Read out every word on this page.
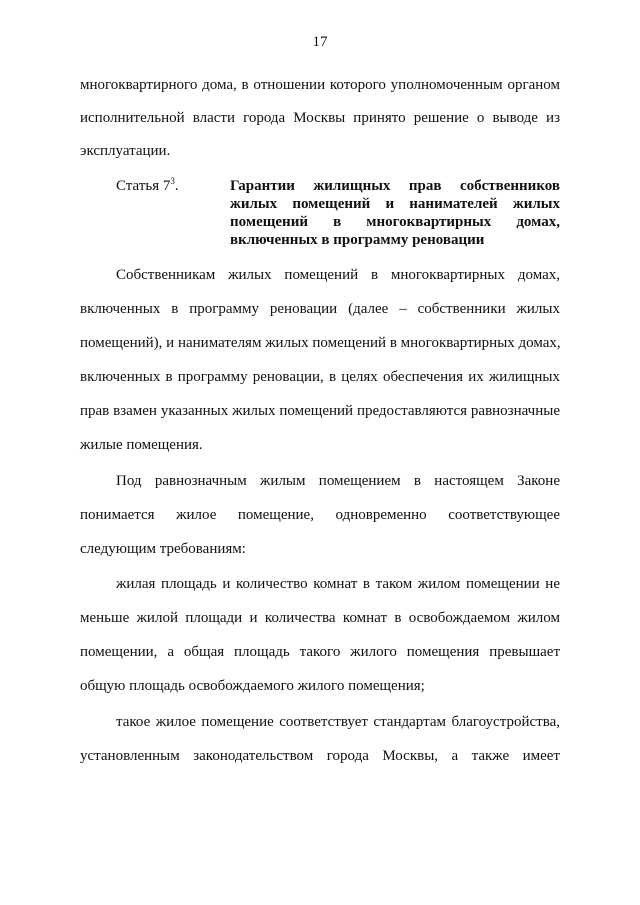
17
многоквартирного дома, в отношении которого уполномоченным органом
исполнительной власти города Москвы принято решение о выводе из
эксплуатации.
Статья $7^3$.	Гарантии жилищных прав собственников
жилых помещений и нанимателей жилых
помещений в многоквартирных домах,
включенных в программу реновации
Собственникам жилых помещений в многоквартирных домах,
включенных в программу реновации (далее – собственники жилых
помещений), и нанимателям жилых помещений в многоквартирных домах,
включенных в программу реновации, в целях обеспечения их жилищных
прав взамен указанных жилых помещений предоставляются равнозначные
жилые помещения.
Под равнозначным жилым помещением в настоящем Законе
понимается жилое помещение, одновременно соответствующее
следующим требованиям:
жилая площадь и количество комнат в таком жилом помещении не
меньше жилой площади и количества комнат в освобождаемом жилом
помещении, а общая площадь такого жилого помещения превышает
общую площадь освобождаемого жилого помещения;
такое жилое помещение соответствует стандартам благоустройства,
установленным законодательством города Москвы, а также имеет
